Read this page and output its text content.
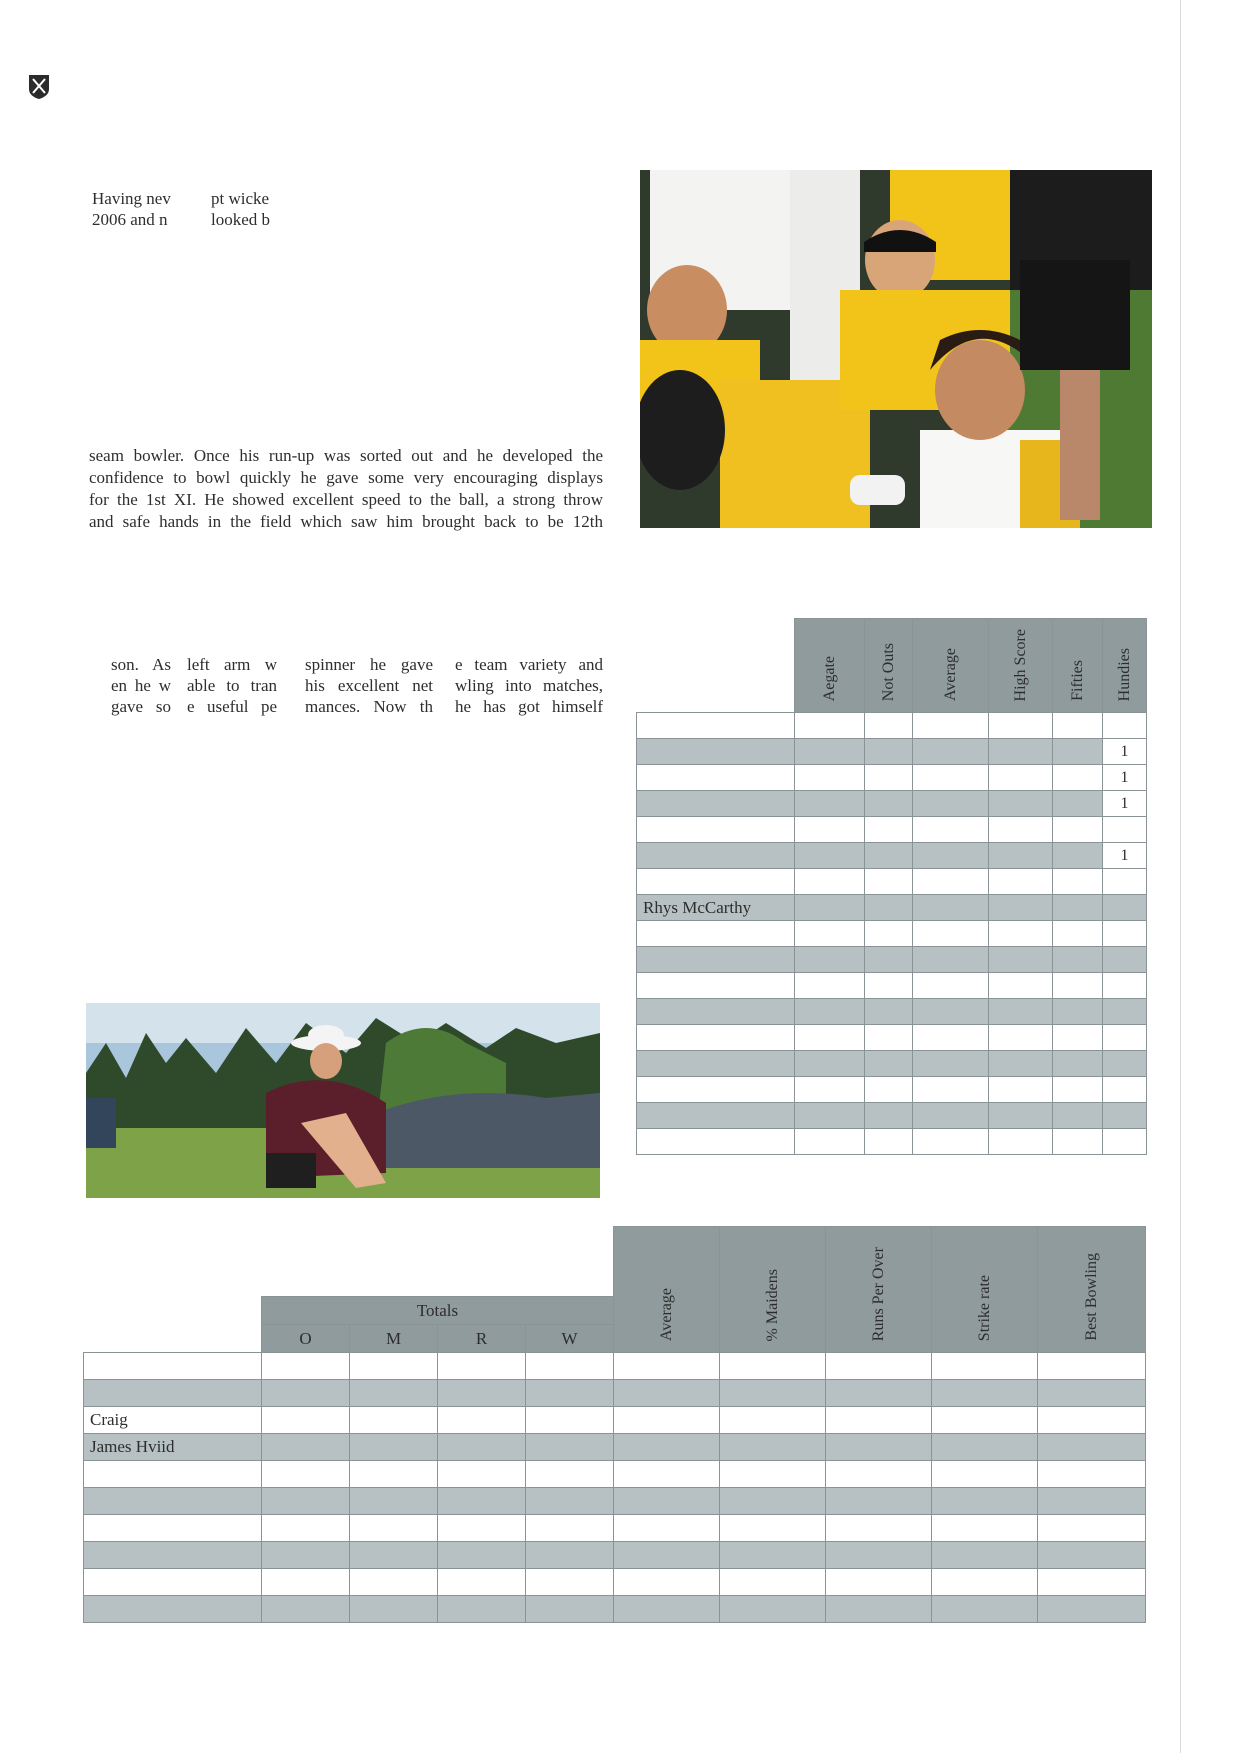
Having nev
2006 and n
pt wicke
looked b
seam bowler. Once his run-up was sorted out and he developed the
confidence to bowl quickly he gave some very encouraging displays
for the 1st XI. He showed excellent speed to the ball, a strong throw
and safe hands in the field which saw him brought back to be 12th
son. As
en he w
gave so
left arm w
able to tran
e useful pe
spinner he gave
his excellent net
mances. Now th
e team variety and
wling into matches,
he has got himself
	Aegate	Not Outs	Average	High Score	Fifties	Hundies

						1
						1
						1

						1

Rhys McCarthy						

					Average	% Maidens	Runs Per Over	Strike rate	Best Bowling
	Totals								
	O	M	R	W					

Craig									
James Hviid									
